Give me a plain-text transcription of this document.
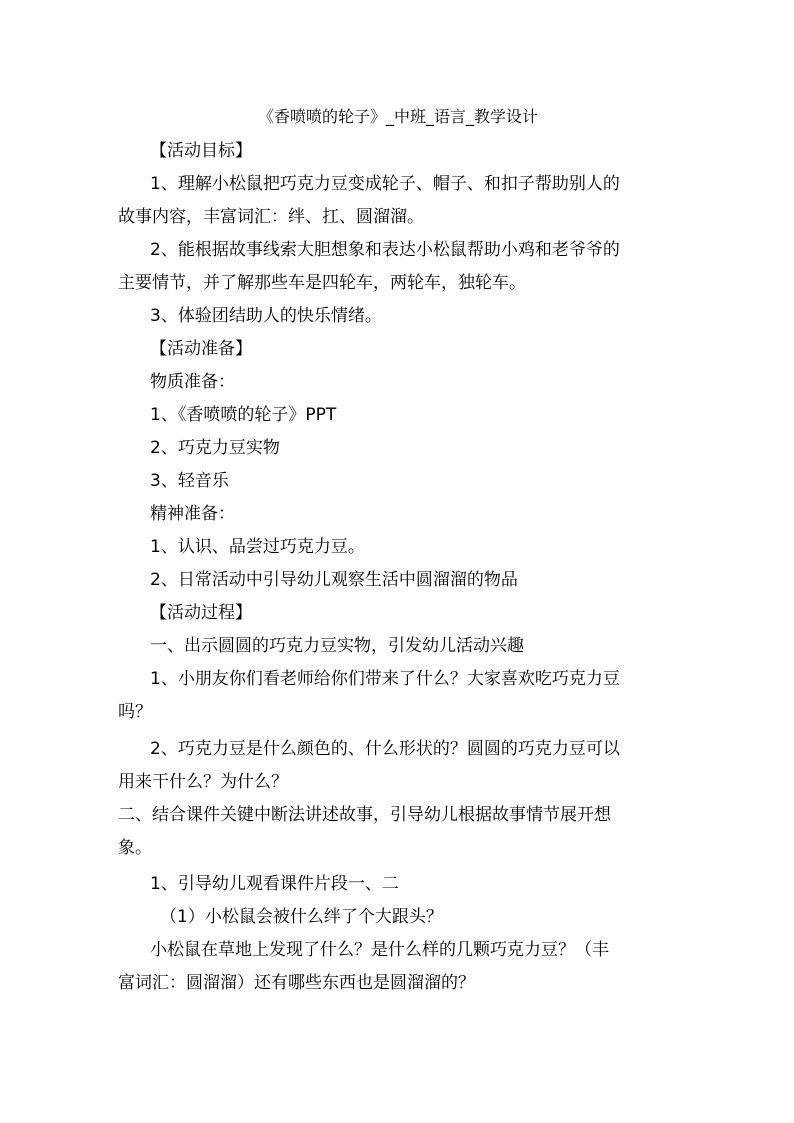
《香喷喷的轮子》_中班_语言_教学设计
【活动目标】
1、理解小松鼠把巧克力豆变成轮子、帽子、和扣子帮助别人的
故事内容，丰富词汇：绊、扛、圆溜溜。
2、能根据故事线索大胆想象和表达小松鼠帮助小鸡和老爷爷的
主要情节，并了解那些车是四轮车，两轮车，独轮车。
3、体验团结助人的快乐情绪。
【活动准备】
物质准备：
1、《香喷喷的轮子》PPT
2、巧克力豆实物
3、轻音乐
精神准备：
1、认识、品尝过巧克力豆。
2、日常活动中引导幼儿观察生活中圆溜溜的物品
【活动过程】
一、出示圆圆的巧克力豆实物，引发幼儿活动兴趣
1、小朋友你们看老师给你们带来了什么？大家喜欢吃巧克力豆
吗？
2、巧克力豆是什么颜色的、什么形状的？圆圆的巧克力豆可以
用来干什么？为什么？
二、结合课件关键中断法讲述故事，引导幼儿根据故事情节展开想
象。
1、引导幼儿观看课件片段一、二
（1）小松鼠会被什么绊了个大跟头？
小松鼠在草地上发现了什么？是什么样的几颗巧克力豆？（丰
富词汇：圆溜溜）还有哪些东西也是圆溜溜的？
